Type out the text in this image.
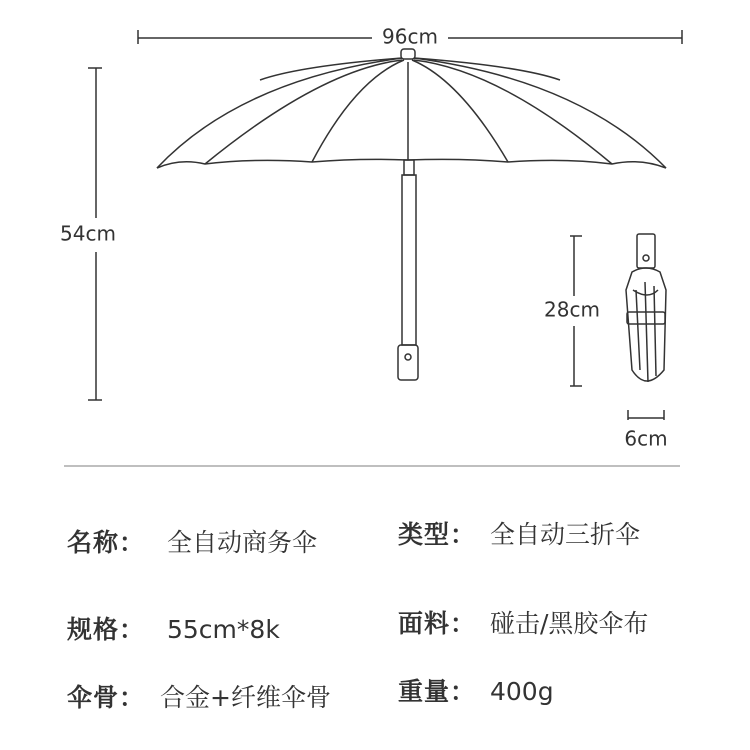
96cm
54cm
28cm
6cm
名称： 全自动商务伞	类型： 全自动三折伞
规格： 55cm*8k	面料： 碰击/黑胶伞布
伞骨： 合金+纤维伞骨	重量： 400g
